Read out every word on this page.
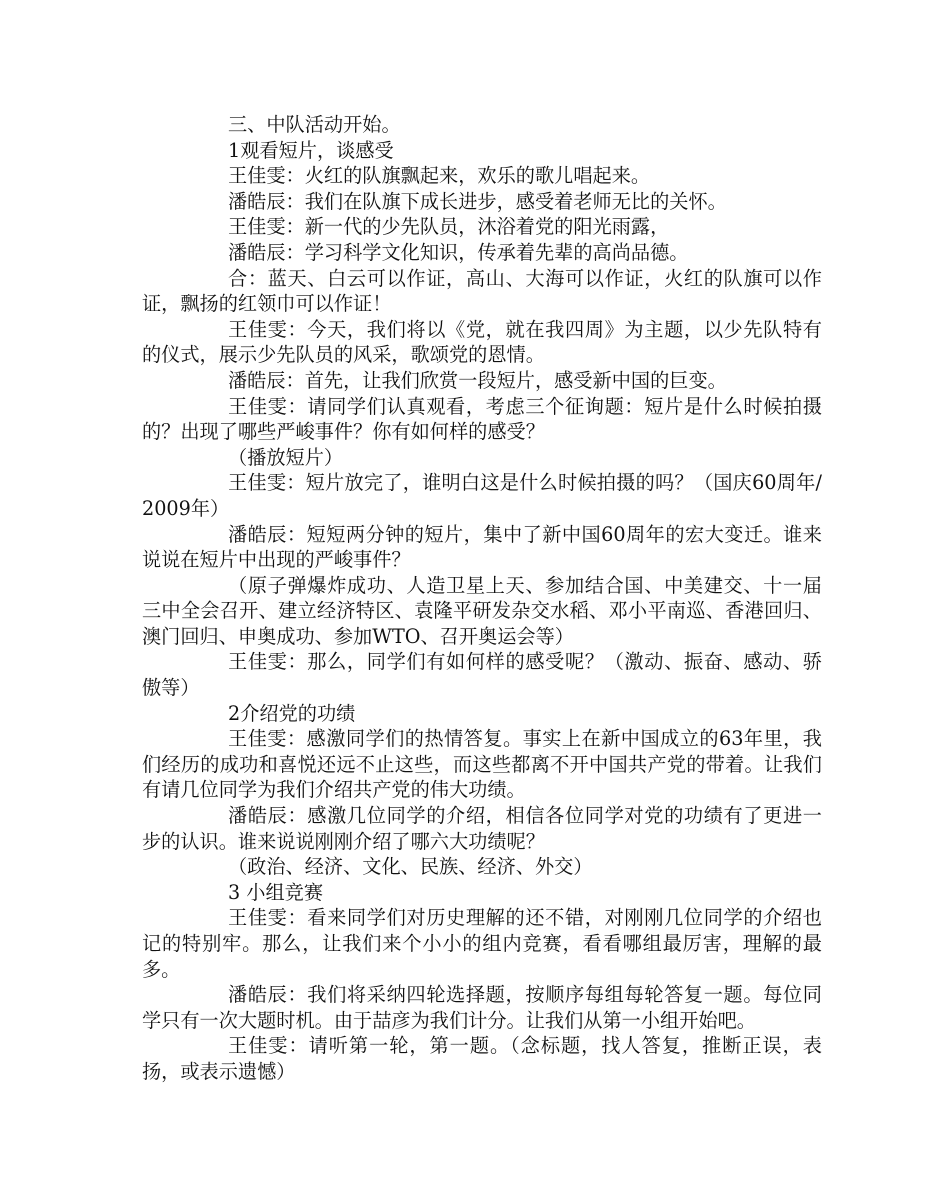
三、中队活动开始。

1观看短片，谈感受

王佳雯：火红的队旗飘起来，欢乐的歌儿唱起来。

潘皓辰：我们在队旗下成长进步，感受着老师无比的关怀。

王佳雯：新一代的少先队员，沐浴着党的阳光雨露，

潘皓辰：学习科学文化知识，传承着先辈的高尚品德。

合：蓝天、白云可以作证，高山、大海可以作证，火红的队旗可以作证，飘扬的红领巾可以作证！

王佳雯：今天，我们将以《党，就在我四周》为主题，以少先队特有的仪式，展示少先队员的风采，歌颂党的恩情。

潘皓辰：首先，让我们欣赏一段短片，感受新中国的巨变。

王佳雯：请同学们认真观看，考虑三个征询题：短片是什么时候拍摄的？出现了哪些严峻事件？你有如何样的感受？

（播放短片）

王佳雯：短片放完了，谁明白这是什么时候拍摄的吗？（国庆60周年/2009年）

潘皓辰：短短两分钟的短片，集中了新中国60周年的宏大变迁。谁来说说在短片中出现的严峻事件？

（原子弹爆炸成功、人造卫星上天、参加结合国、中美建交、十一届三中全会召开、建立经济特区、袁隆平研发杂交水稻、邓小平南巡、香港回归、澳门回归、申奥成功、参加WTO、召开奥运会等）

王佳雯：那么，同学们有如何样的感受呢？（激动、振奋、感动、骄傲等）

2介绍党的功绩

王佳雯：感激同学们的热情答复。事实上在新中国成立的63年里，我们经历的成功和喜悦还远不止这些，而这些都离不开中国共产党的带着。让我们有请几位同学为我们介绍共产党的伟大功绩。

潘皓辰：感激几位同学的介绍，相信各位同学对党的功绩有了更进一步的认识。谁来说说刚刚介绍了哪六大功绩呢？

（政治、经济、文化、民族、经济、外交）

3 小组竞赛

王佳雯：看来同学们对历史理解的还不错，对刚刚几位同学的介绍也记的特别牢。那么，让我们来个小小的组内竞赛，看看哪组最厉害，理解的最多。

潘皓辰：我们将采纳四轮选择题，按顺序每组每轮答复一题。每位同学只有一次大题时机。由于喆彦为我们计分。让我们从第一小组开始吧。

王佳雯：请听第一轮，第一题。（念标题，找人答复，推断正误，表扬，或表示遗憾）
